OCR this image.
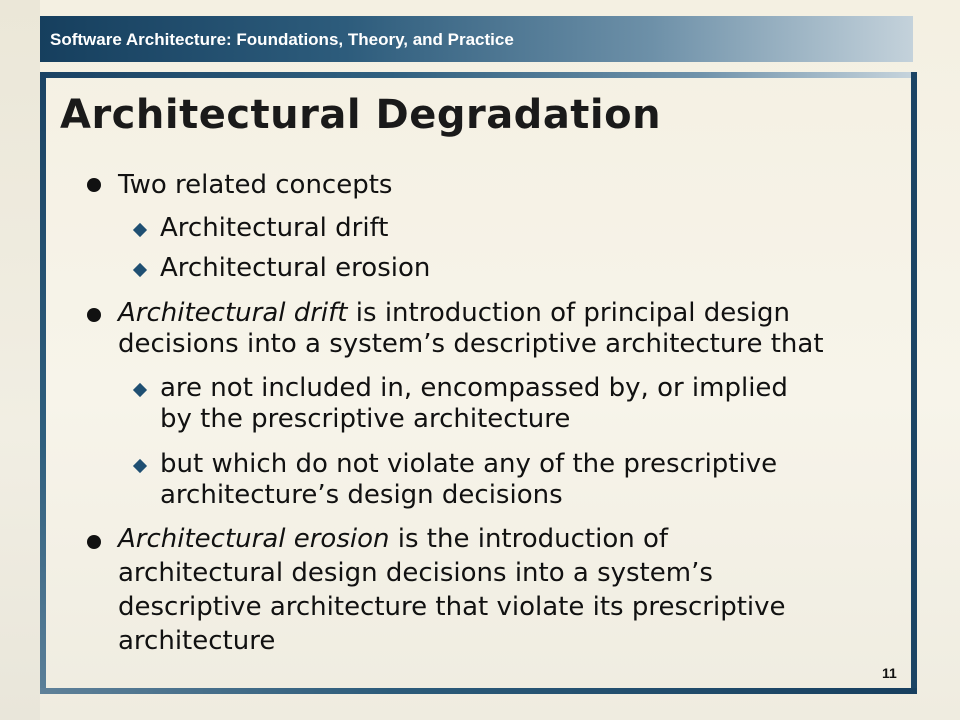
Software Architecture: Foundations, Theory, and Practice
Architectural Degradation
Two related concepts
Architectural drift
Architectural erosion
Architectural drift is introduction of principal design
decisions into a system’s descriptive architecture that
are not included in, encompassed by, or implied
by the prescriptive architecture
but which do not violate any of the prescriptive
architecture’s design decisions
Architectural erosion is the introduction of
architectural design decisions into a system’s
descriptive architecture that violate its prescriptive
architecture
11
